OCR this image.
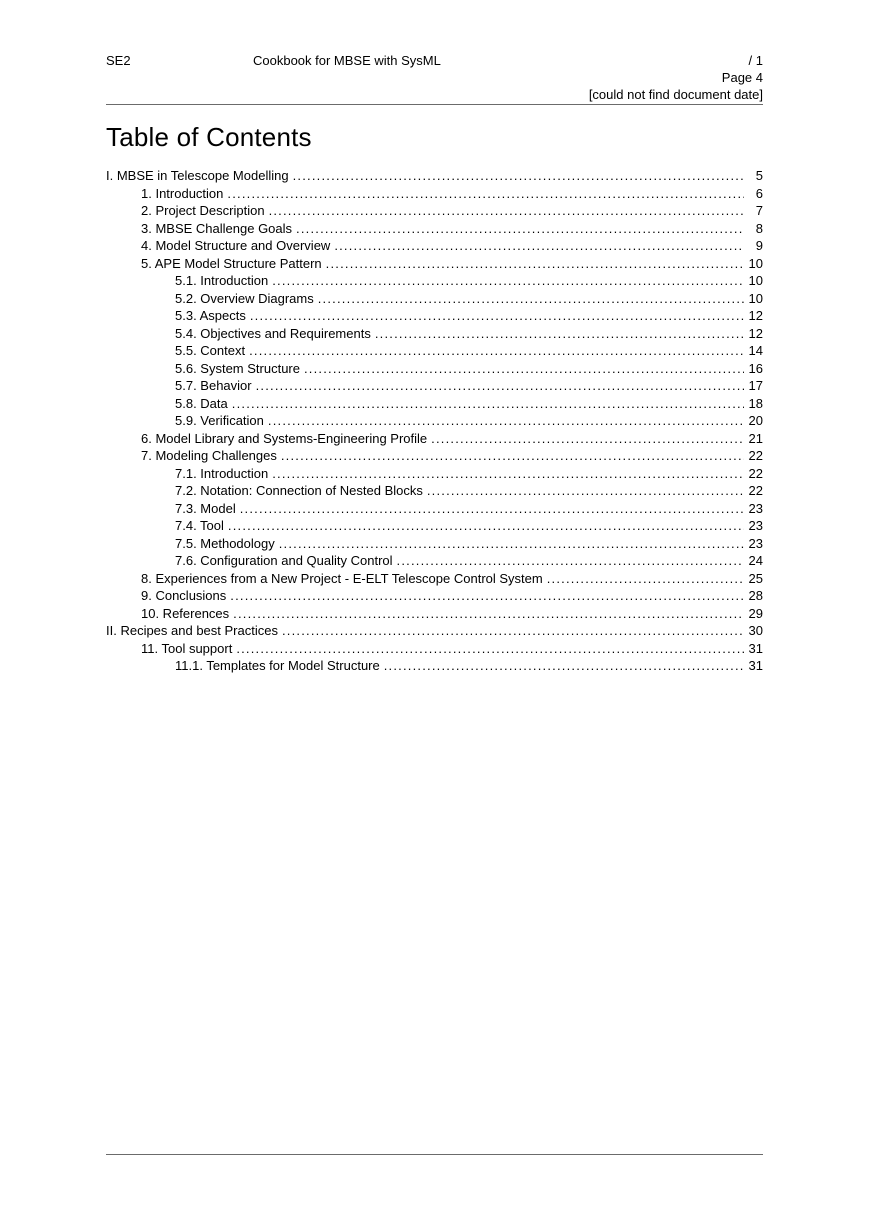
SE2	Cookbook for MBSE with SysML	/ 1
Page 4
[could not find document date]
Table of Contents
I. MBSE in Telescope Modelling .....	5
1. Introduction .....	6
2. Project Description .....	7
3. MBSE Challenge Goals .....	8
4. Model Structure and Overview .....	9
5. APE Model Structure Pattern .....	10
5.1. Introduction .....	10
5.2. Overview Diagrams .....	10
5.3. Aspects .....	12
5.4. Objectives and Requirements .....	12
5.5. Context .....	14
5.6. System Structure .....	16
5.7. Behavior .....	17
5.8. Data .....	18
5.9. Verification .....	20
6. Model Library and Systems-Engineering Profile .....	21
7. Modeling Challenges .....	22
7.1. Introduction .....	22
7.2. Notation: Connection of Nested Blocks .....	22
7.3. Model .....	23
7.4. Tool .....	23
7.5. Methodology .....	23
7.6. Configuration and Quality Control .....	24
8. Experiences from a New Project - E-ELT Telescope Control System .....	25
9. Conclusions .....	28
10. References .....	29
II. Recipes and best Practices .....	30
11. Tool support .....	31
11.1. Templates for Model Structure .....	31
